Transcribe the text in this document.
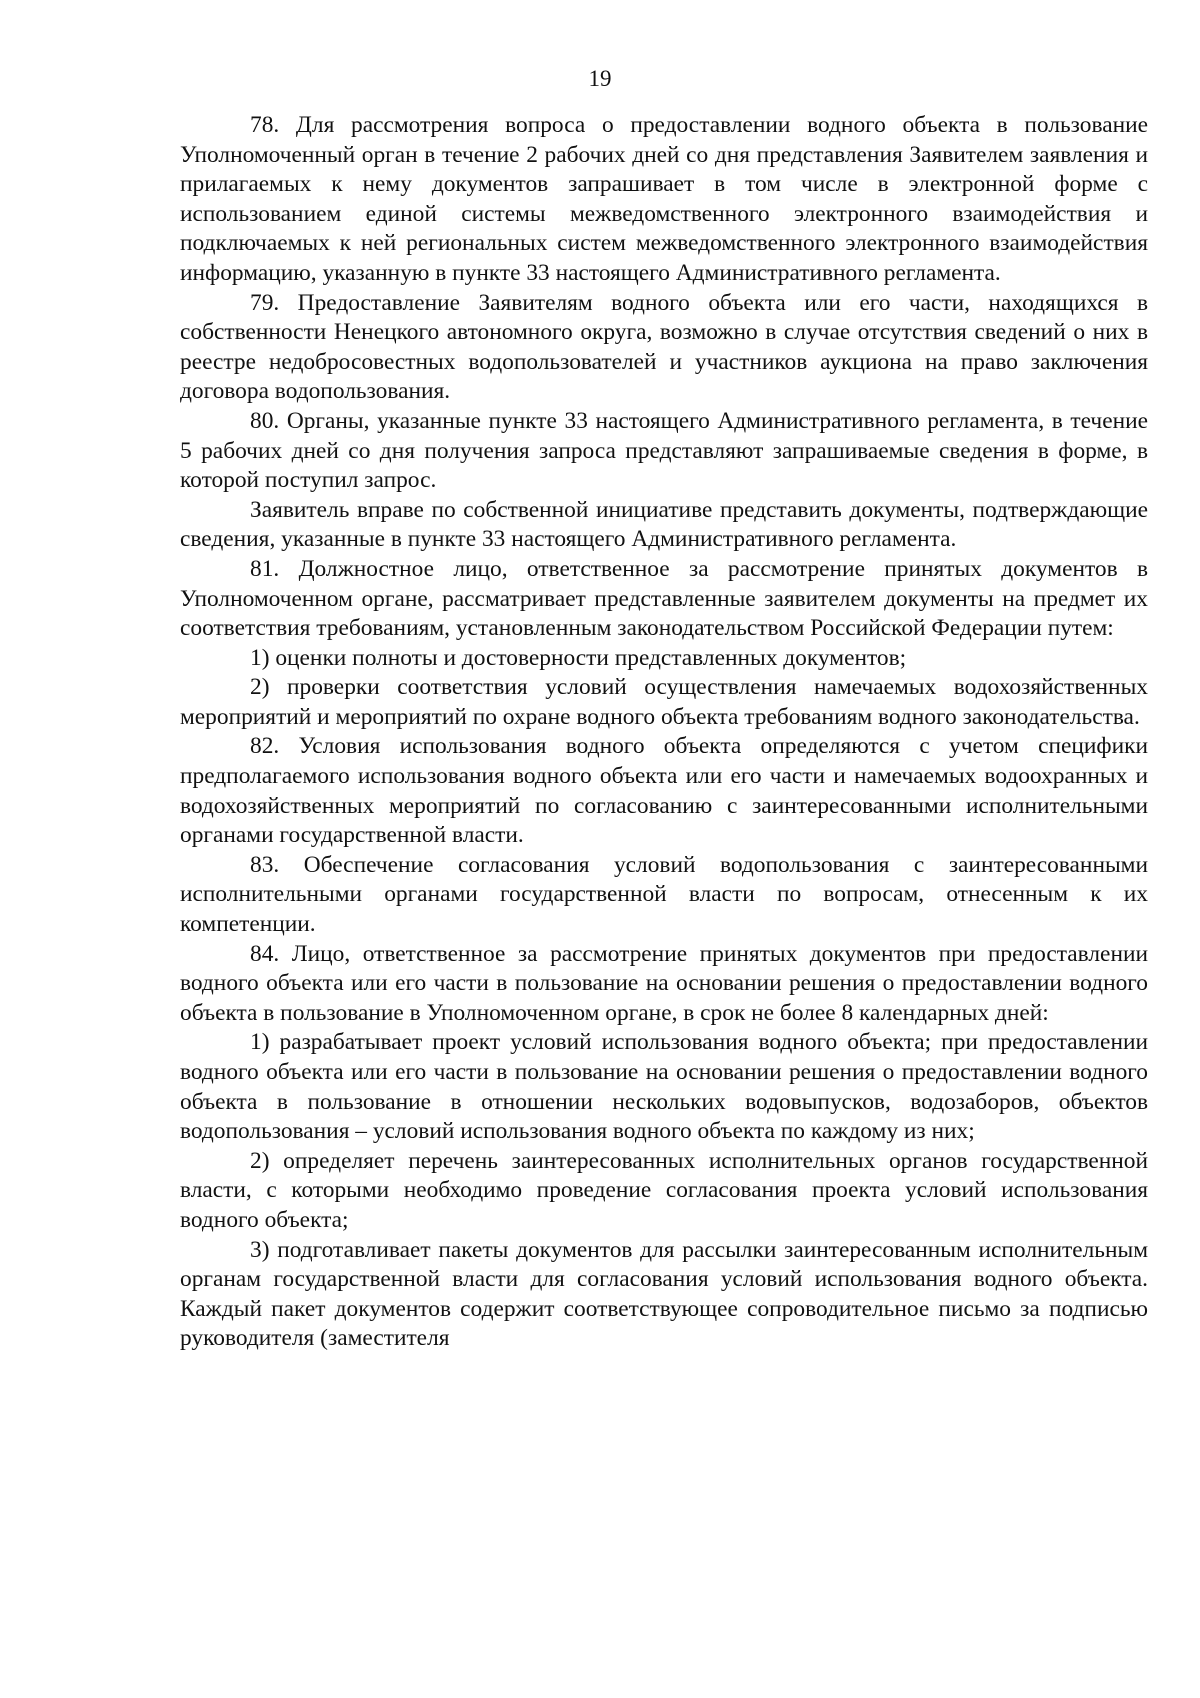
19

78. Для рассмотрения вопроса о предоставлении водного объекта в пользование Уполномоченный орган в течение 2 рабочих дней со дня представления Заявителем заявления и прилагаемых к нему документов запрашивает в том числе в электронной форме с использованием единой системы межведомственного электронного взаимодействия и подключаемых к ней региональных систем межведомственного электронного взаимодействия информацию, указанную в пункте 33 настоящего Административного регламента.

79. Предоставление Заявителям водного объекта или его части, находящихся в собственности Ненецкого автономного округа, возможно в случае отсутствия сведений о них в реестре недобросовестных водопользователей и участников аукциона на право заключения договора водопользования.

80. Органы, указанные пункте 33 настоящего Административного регламента, в течение 5 рабочих дней со дня получения запроса представляют запрашиваемые сведения в форме, в которой поступил запрос.

Заявитель вправе по собственной инициативе представить документы, подтверждающие сведения, указанные в пункте 33 настоящего Административного регламента.

81. Должностное лицо, ответственное за рассмотрение принятых документов в Уполномоченном органе, рассматривает представленные заявителем документы на предмет их соответствия требованиям, установленным законодательством Российской Федерации путем:

1) оценки полноты и достоверности представленных документов;

2) проверки соответствия условий осуществления намечаемых водохозяйственных мероприятий и мероприятий по охране водного объекта требованиям водного законодательства.

82. Условия использования водного объекта определяются с учетом специфики предполагаемого использования водного объекта или его части и намечаемых водоохранных и водохозяйственных мероприятий по согласованию с заинтересованными исполнительными органами государственной власти.

83. Обеспечение согласования условий водопользования с заинтересованными исполнительными органами государственной власти по вопросам, отнесенным к их компетенции.

84. Лицо, ответственное за рассмотрение принятых документов при предоставлении водного объекта или его части в пользование на основании решения о предоставлении водного объекта в пользование в Уполномоченном органе, в срок не более 8 календарных дней:

1) разрабатывает проект условий использования водного объекта; при предоставлении водного объекта или его части в пользование на основании решения о предоставлении водного объекта в пользование в отношении нескольких водовыпусков, водозаборов, объектов водопользования – условий использования водного объекта по каждому из них;

2) определяет перечень заинтересованных исполнительных органов государственной власти, с которыми необходимо проведение согласования проекта условий использования водного объекта;

3) подготавливает пакеты документов для рассылки заинтересованным исполнительным органам государственной власти для согласования условий использования водного объекта. Каждый пакет документов содержит соответствующее сопроводительное письмо за подписью руководителя (заместителя
